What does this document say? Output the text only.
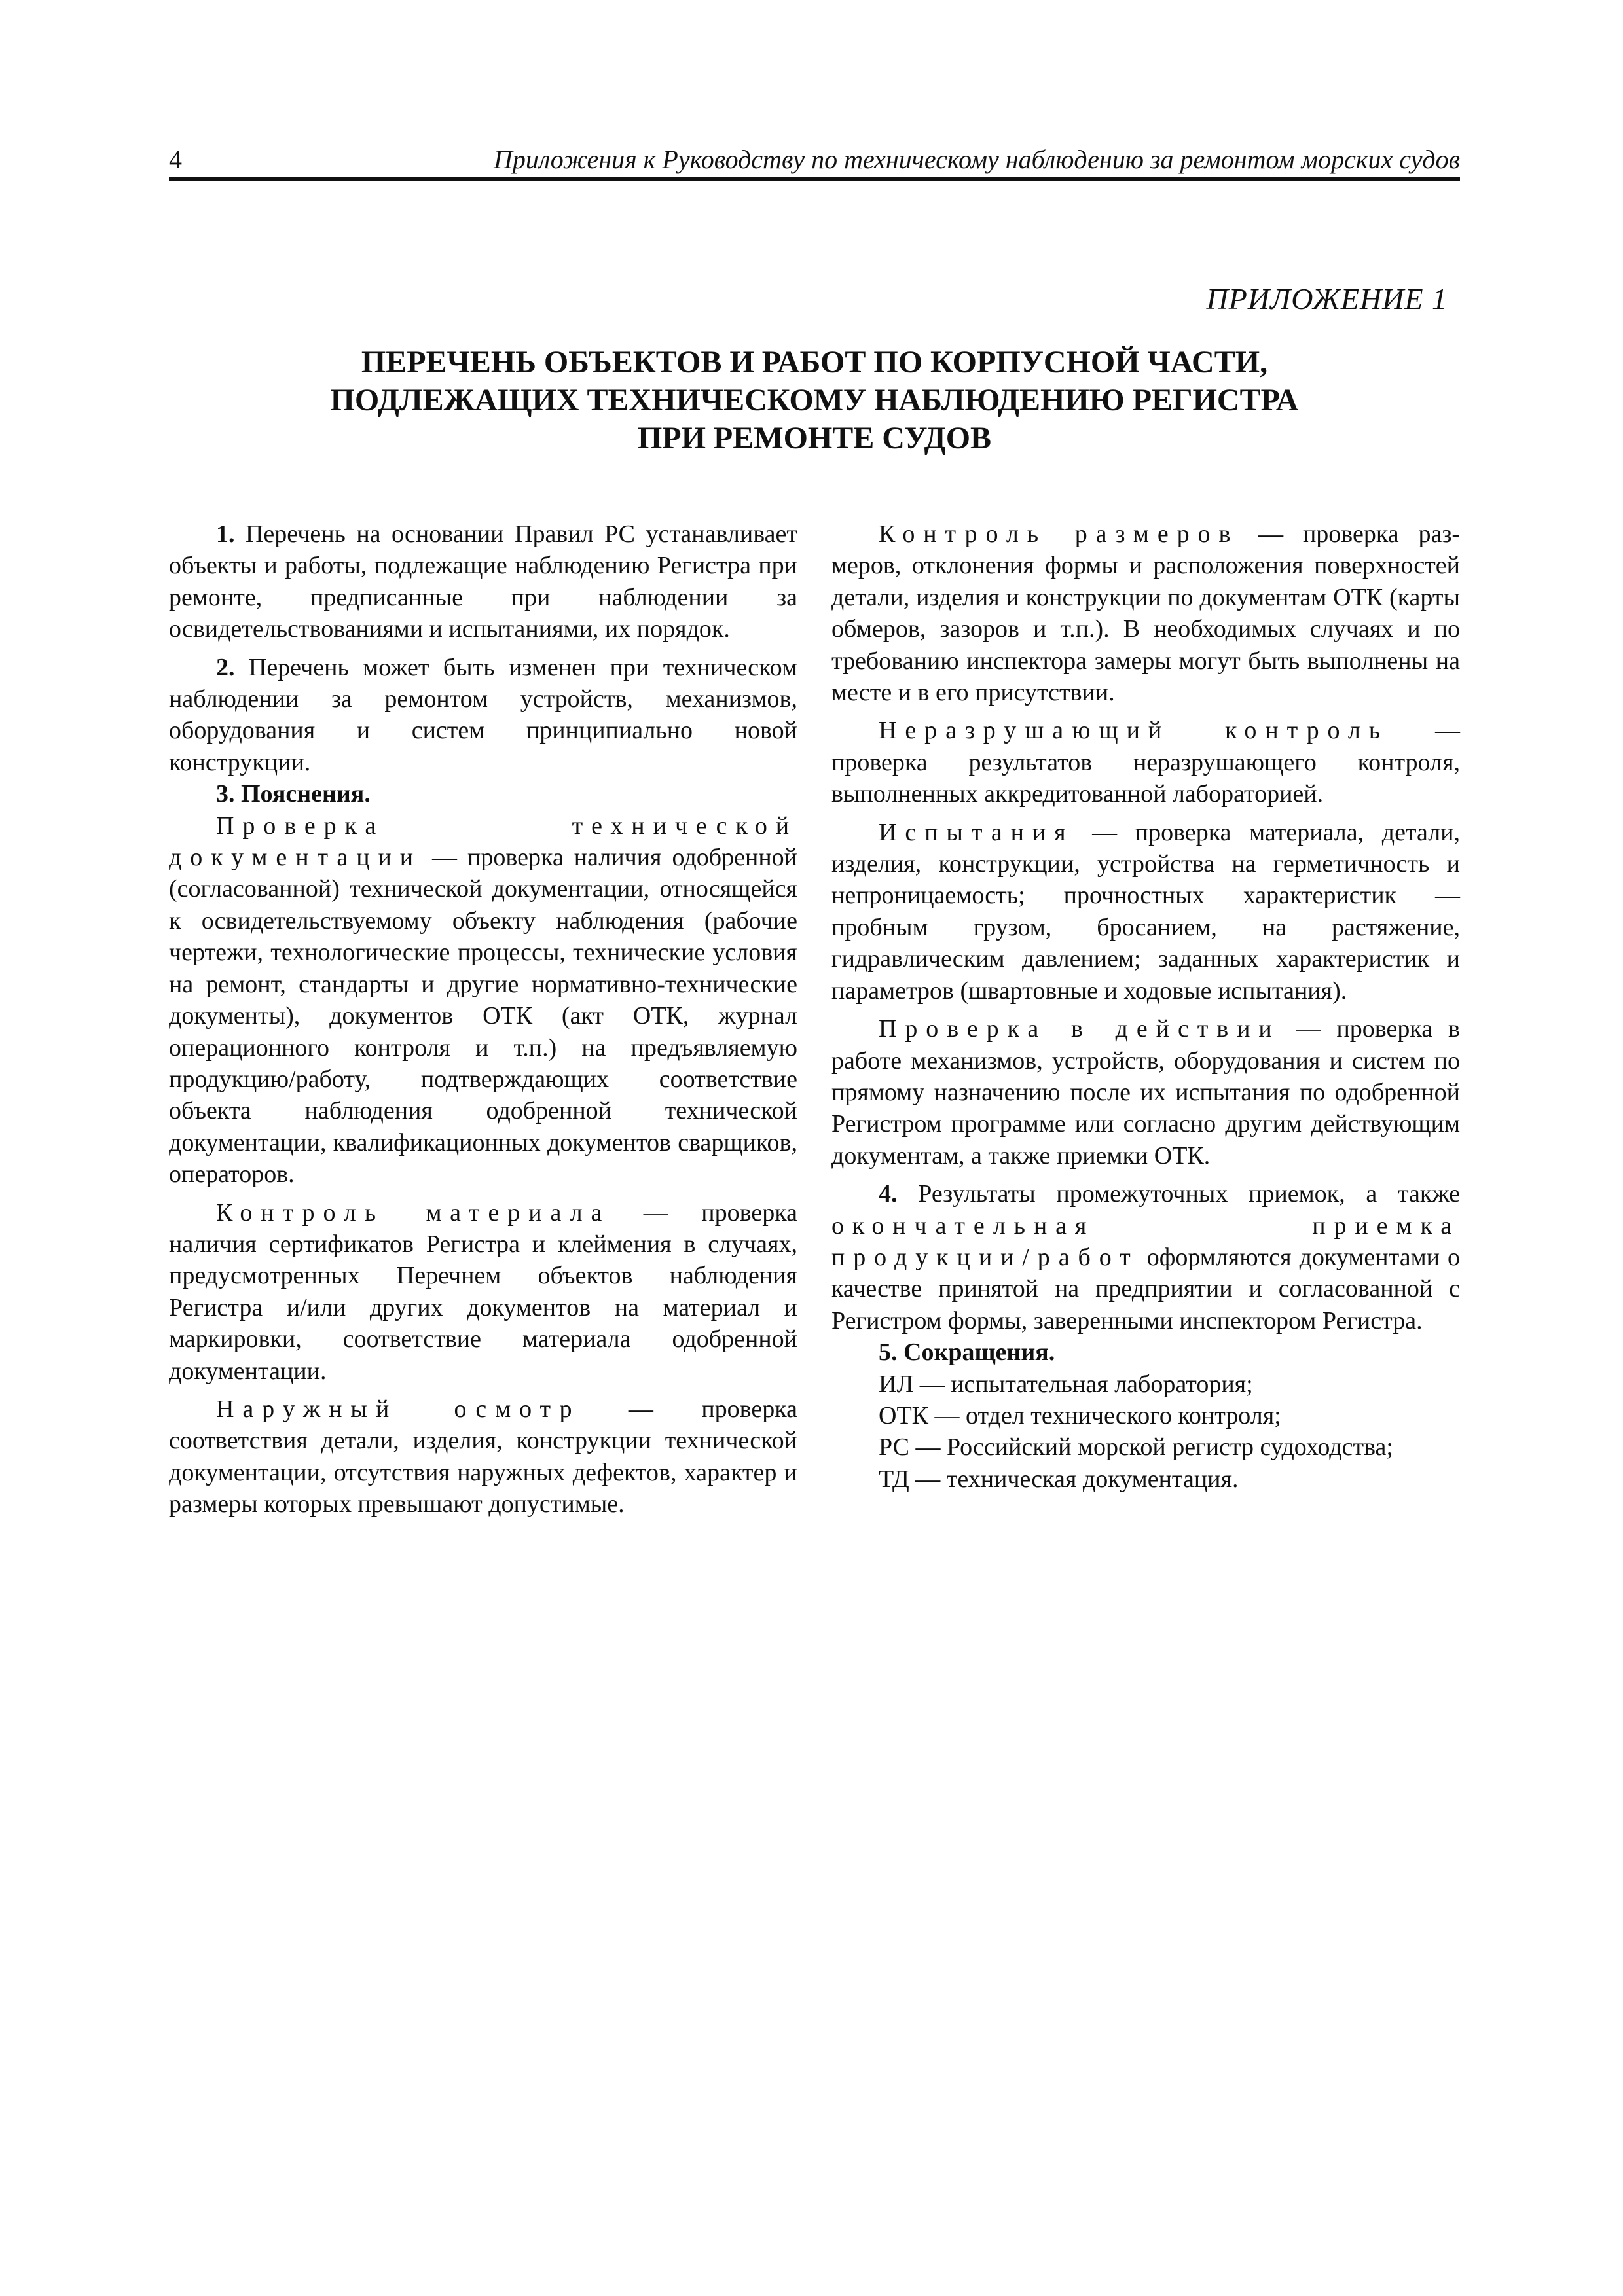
4	Приложения к Руководству по техническому наблюдению за ремонтом морских судов
ПРИЛОЖЕНИЕ 1
ПЕРЕЧЕНЬ ОБЪЕКТОВ И РАБОТ ПО КОРПУСНОЙ ЧАСТИ,
ПОДЛЕЖАЩИХ ТЕХНИЧЕСКОМУ НАБЛЮДЕНИЮ РЕГИСТРА
ПРИ РЕМОНТЕ СУДОВ

1. Перечень на основании Правил РС устанавливает объекты и работы, подлежащие наблюдению Регистра при ремонте, предписанные при наблюдении за освидетельствованиями и испытаниями, их порядок.

2. Перечень может быть изменен при техническом наблюдении за ремонтом устройств, механизмов, оборудования и систем принципиально новой конструкции.

3. Пояснения.

Проверка технической документации — проверка наличия одобренной (согласованной) технической документации, относящейся к освидетельствуемому объекту наблюдения (рабочие чертежи, технологические процессы, технические условия на ремонт, стандарты и другие нормативно-технические документы), документов ОТК (акт ОТК, журнал операционного контроля и т.п.) на предъявляемую продукцию/работу, подтверждающих соответствие объекта наблюдения одобренной технической документации, квалификационных документов сварщиков, операторов.

Контроль материала — проверка наличия сертификатов Регистра и клеймения в случаях, предусмотренных Перечнем объектов наблюдения Регистра и/или других документов на материал и маркировки, соответствие материала одобренной документации.

Наружный осмотр — проверка соответствия детали, изделия, конструкции технической документации, отсутствия наружных дефектов, характер и размеры которых превышают допустимые.

Контроль размеров — проверка раз-меров, отклонения формы и расположения поверхностей детали, изделия и конструкции по документам ОТК (карты обмеров, зазоров и т.п.). В необходимых случаях и по требованию инспектора замеры могут быть выполнены на месте и в его присутствии.

Неразрушающий контроль — проверка результатов неразрушающего контроля, выполненных аккредитованной лабораторией.

Испытания — проверка материала, детали, изделия, конструкции, устройства на герметичность и непроницаемость; прочностных характеристик — пробным грузом, бросанием, на растяжение, гидравлическим давлением; заданных характеристик и параметров (швартовные и ходовые испытания).

Проверка в действии — проверка в работе механизмов, устройств, оборудования и систем по прямому назначению после их испытания по одобренной Регистром программе или согласно другим действующим документам, а также приемки ОТК.

4. Результаты промежуточных приемок, а также окончательная приемка продукции/работ оформляются документами о качестве принятой на предприятии и согласованной с Регистром формы, заверенными инспектором Регистра.

5. Сокращения.

ИЛ — испытательная лаборатория;

ОТК — отдел технического контроля;

РС — Российский морской регистр судоходства;

ТД — техническая документация.
